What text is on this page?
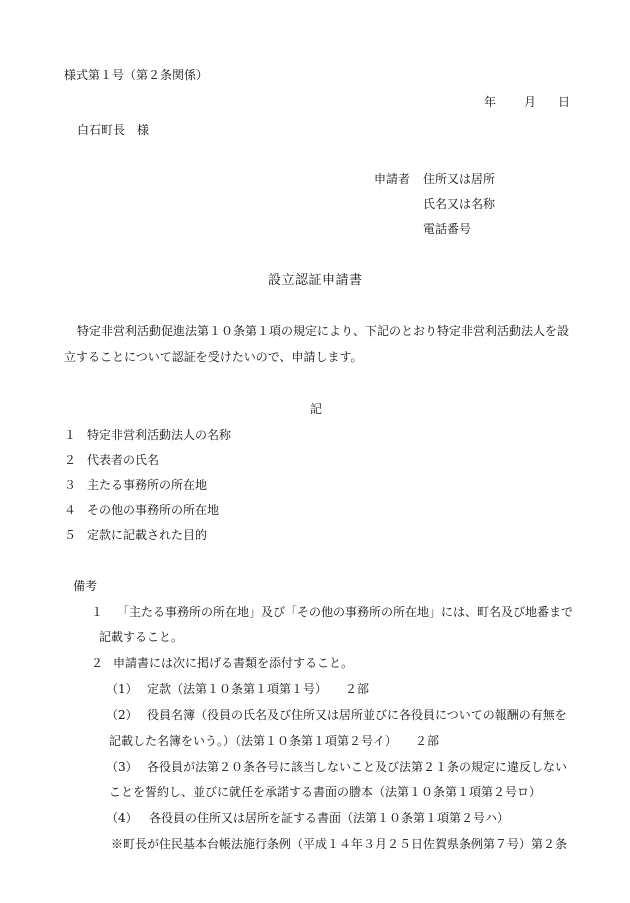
様式第１号（第２条関係）
年 月 日
白石町長　様
申請者 住所又は居所
氏名又は名称
電話番号
設立認証申請書
特定非営利活動促進法第１０条第１項の規定により、下記のとおり特定非営利活動法人を設
立することについて認証を受けたいので、申請します。
記
１ 特定非営利活動法人の名称
２ 代表者の氏名
３ 主たる事務所の所在地
４ その他の事務所の所在地
５ 定款に記載された目的
備考
１ 「主たる事務所の所在地」及び「その他の事務所の所在地」には、町名及び地番まで
記載すること。
２ 申請書には次に掲げる書類を添付すること。
（1） 定款（法第１０条第１項第１号）　　２部
（2） 役員名簿（役員の氏名及び住所又は居所並びに各役員についての報酬の有無を
記載した名簿をいう。）（法第１０条第１項第２号イ）　　２部
（3） 各役員が法第２０条各号に該当しないこと及び法第２１条の規定に違反しない
ことを誓約し、並びに就任を承諾する書面の謄本（法第１０条第１項第２号ロ）
（4） 各役員の住所又は居所を証する書面（法第１０条第１項第２号ハ）
※町長が住民基本台帳法施行条例（平成１４年３月２５日佐賀県条例第７号）第２条
